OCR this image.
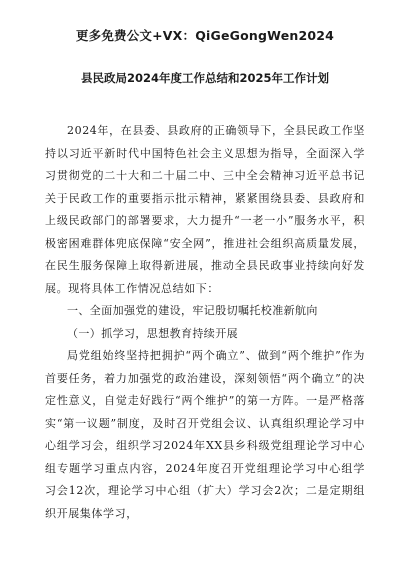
更多免费公文+VX：QiGeGongWen2024
县民政局2024年度工作总结和2025年工作计划

2024年，在县委、县政府的正确领导下，全县民政工作坚持以习近平新时代中国特色社会主义思想为指导，全面深入学习贯彻党的二十大和二十届二中、三中全会精神习近平总书记关于民政工作的重要指示批示精神，紧紧围绕县委、县政府和上级民政部门的部署要求，大力提升“一老一小”服务水平，积极密困难群体兜底保障“安全网”，推进社会组织高质量发展，在民生服务保障上取得新进展，推动全县民政事业持续向好发展。现将具体工作情况总结如下：

一、全面加强党的建设，牢记殷切嘱托校准新航向

（一）抓学习，思想教育持续开展

局党组始终坚持把拥护“两个确立”、做到“两个维护”作为首要任务，着力加强党的政治建设，深刻领悟“两个确立”的决定性意义，自觉走好践行“两个维护”的第一方阵。一是严格落实“第一议题”制度，及时召开党组会议、认真组织理论学习中心组学习会，组织学习2024年XX县乡科级党组理论学习中心组专题学习重点内容，2024年度召开党组理论学习中心组学习会12次，理论学习中心组（扩大）学习会2次；二是定期组织开展集体学习，
